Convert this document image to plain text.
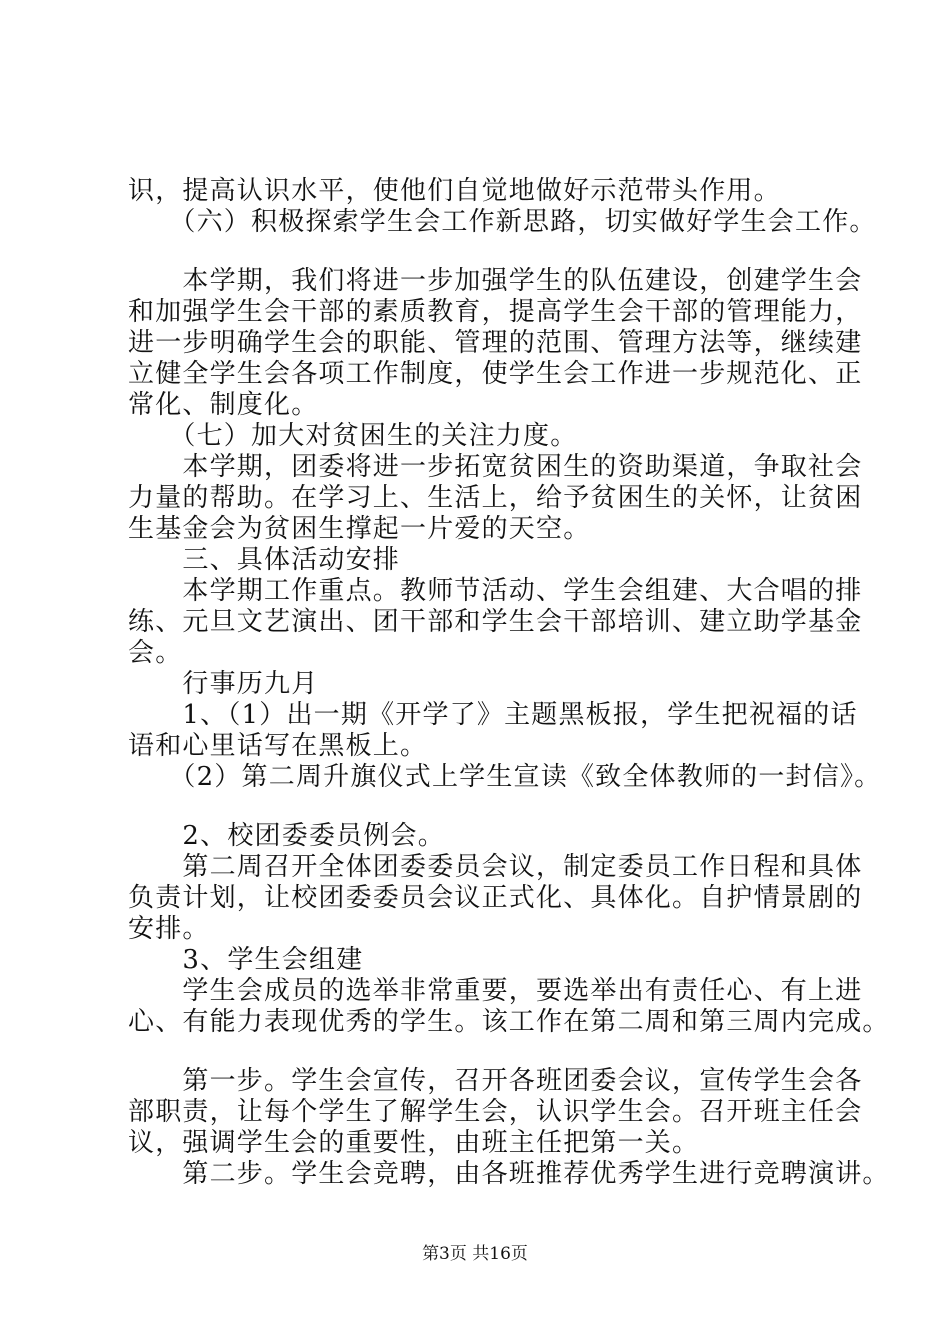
识，提高认识水平，使他们自觉地做好示范带头作用。
　　（六）积极探索学生会工作新思路，切实做好学生会工作。
　　本学期，我们将进一步加强学生的队伍建设，创建学生会
和加强学生会干部的素质教育，提高学生会干部的管理能力，
进一步明确学生会的职能、管理的范围、管理方法等，继续建
立健全学生会各项工作制度，使学生会工作进一步规范化、正
常化、制度化。
　　（七）加大对贫困生的关注力度。
　　本学期，团委将进一步拓宽贫困生的资助渠道，争取社会
力量的帮助。在学习上、生活上，给予贫困生的关怀，让贫困
生基金会为贫困生撑起一片爱的天空。
　　三、具体活动安排
　　本学期工作重点。教师节活动、学生会组建、大合唱的排
练、元旦文艺演出、团干部和学生会干部培训、建立助学基金
会。
　　行事历九月
　　1、（1）出一期《开学了》主题黑板报，学生把祝福的话
语和心里话写在黑板上。
　　（2）第二周升旗仪式上学生宣读《致全体教师的一封信》。
　　2、校团委委员例会。
　　第二周召开全体团委委员会议，制定委员工作日程和具体
负责计划，让校团委委员会议正式化、具体化。自护情景剧的
安排。
　　3、学生会组建
　　学生会成员的选举非常重要，要选举出有责任心、有上进
心、有能力表现优秀的学生。该工作在第二周和第三周内完成。
　　第一步。学生会宣传，召开各班团委会议，宣传学生会各
部职责，让每个学生了解学生会，认识学生会。召开班主任会
议，强调学生会的重要性，由班主任把第一关。
　　第二步。学生会竞聘，由各班推荐优秀学生进行竞聘演讲。
第3页 共16页
